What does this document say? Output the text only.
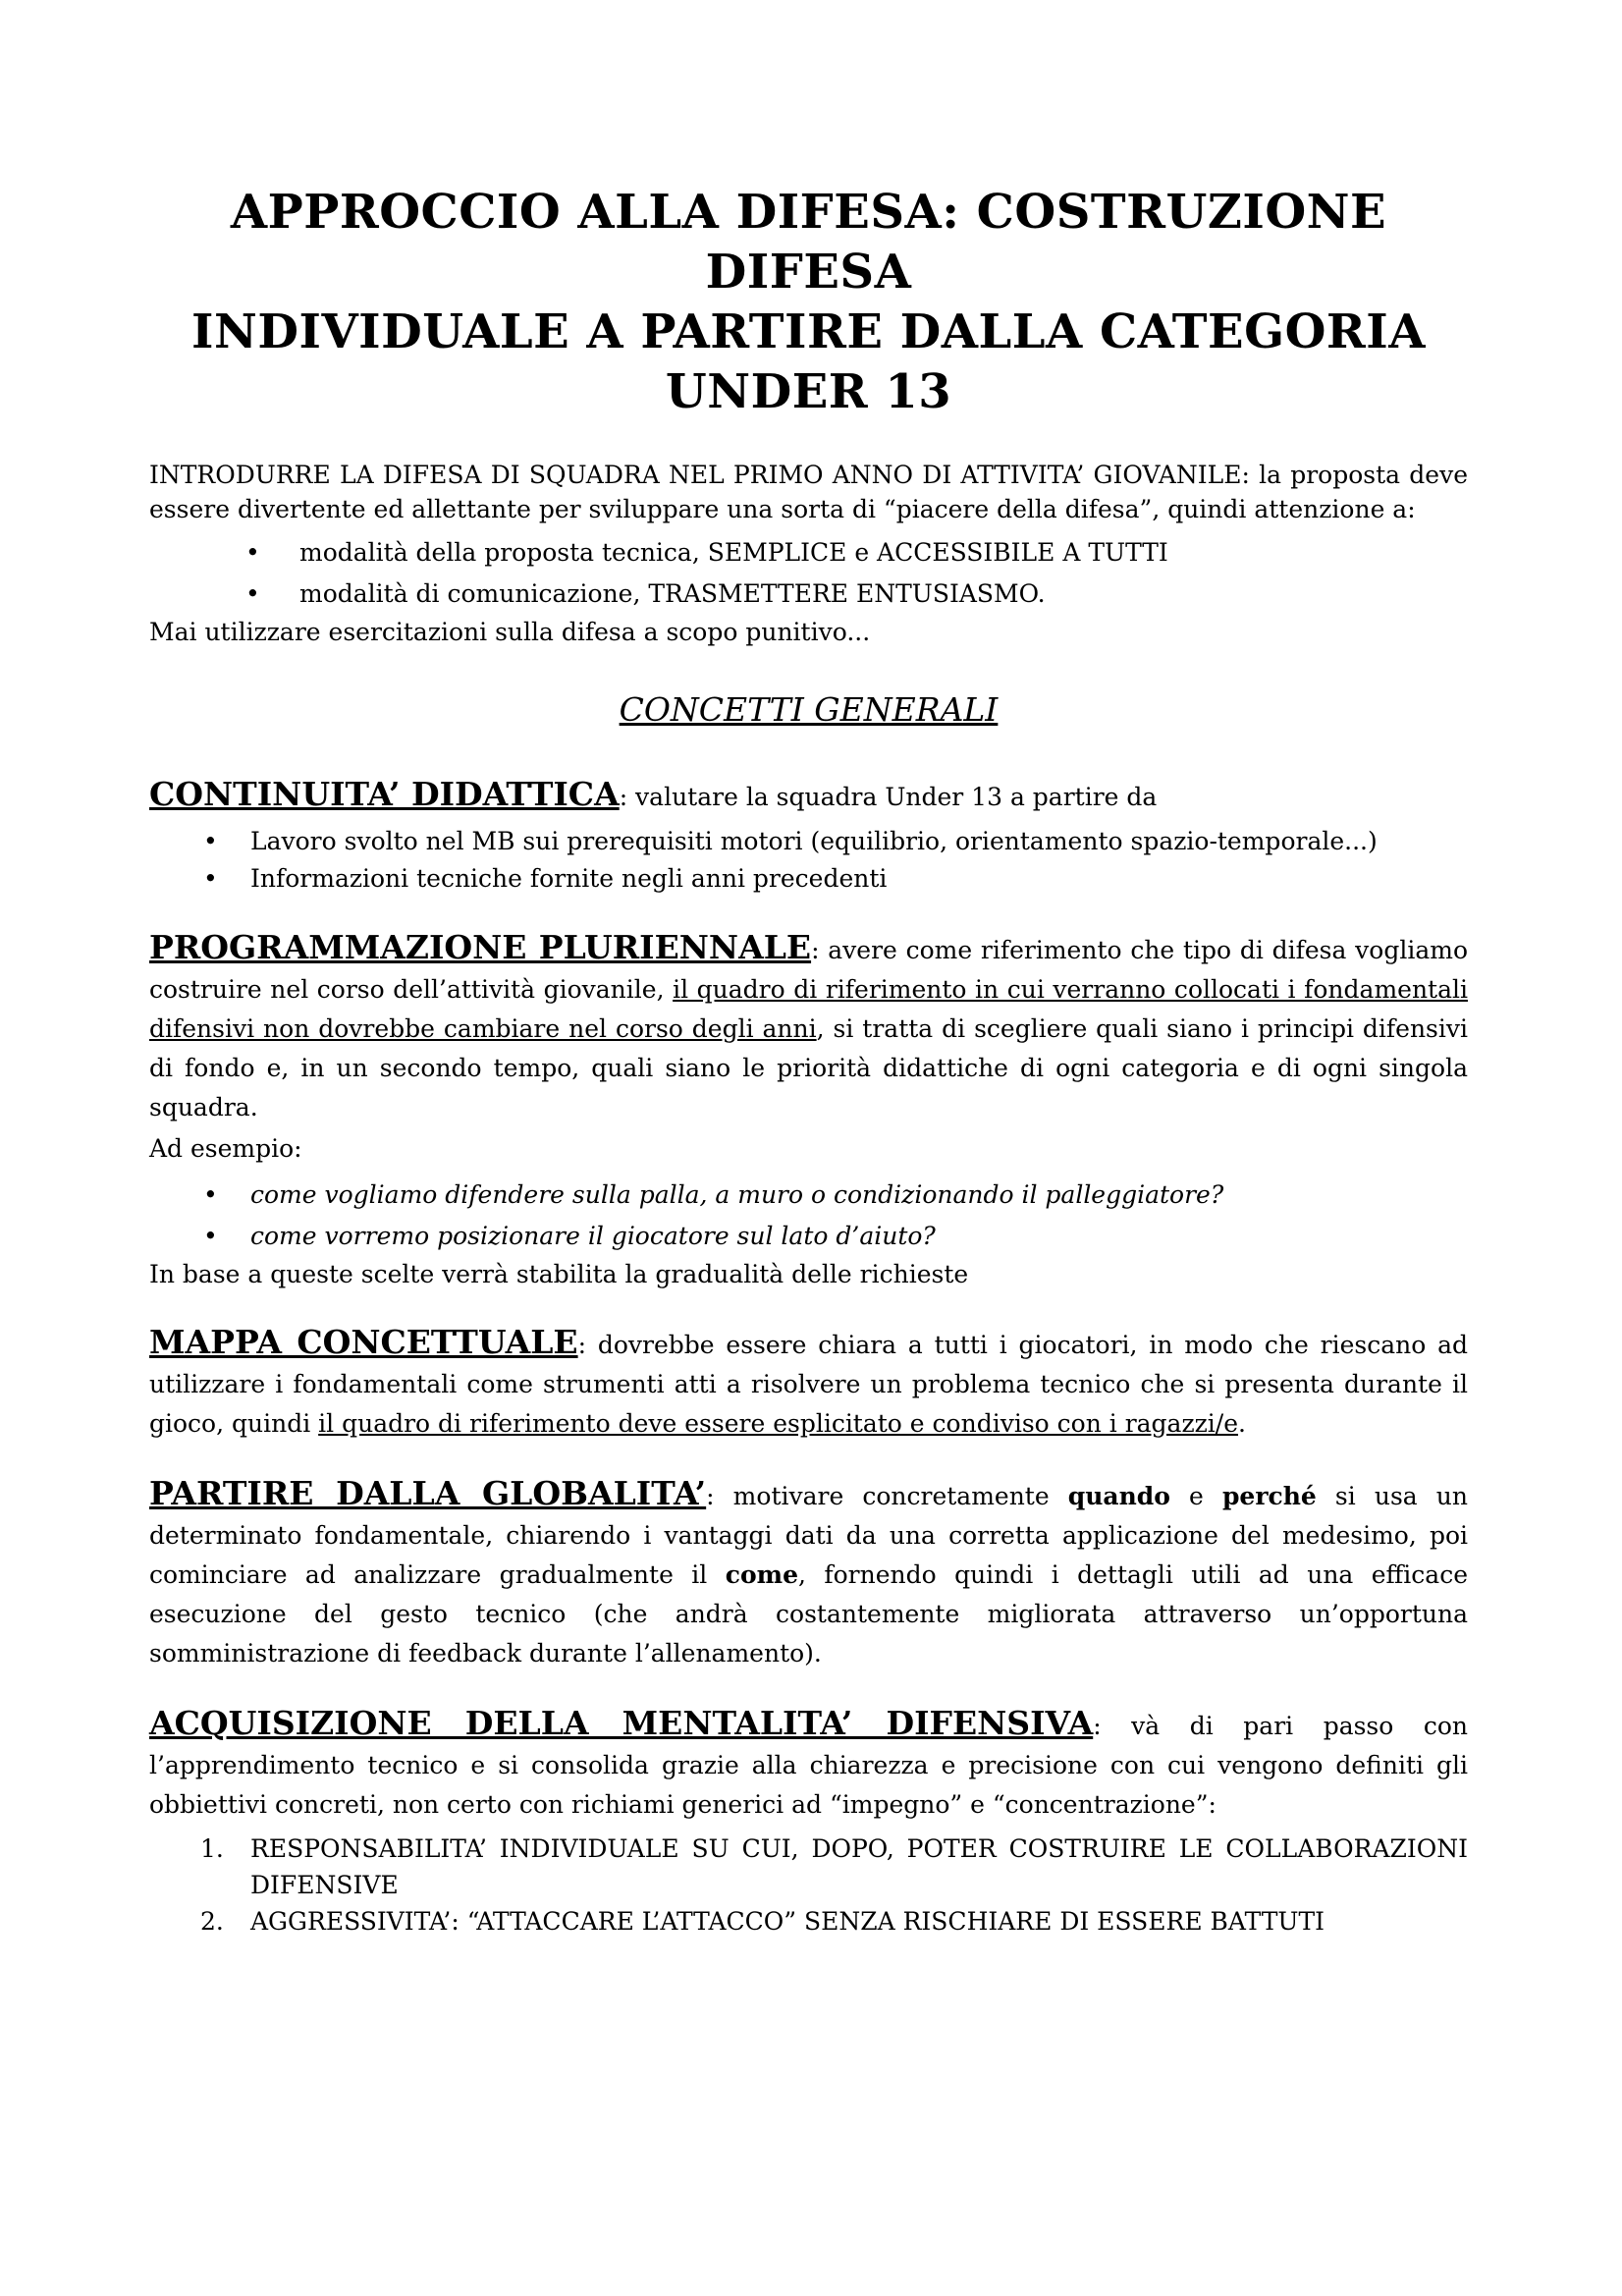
APPROCCIO ALLA DIFESA: COSTRUZIONE DIFESA
INDIVIDUALE A PARTIRE DALLA CATEGORIA
UNDER 13
INTRODURRE LA DIFESA DI SQUADRA NEL PRIMO ANNO DI ATTIVITA’ GIOVANILE: la proposta deve essere divertente ed allettante per sviluppare una sorta di “piacere della difesa”, quindi attenzione a:
•	modalità della proposta tecnica, SEMPLICE e ACCESSIBILE A TUTTI
•	modalità di comunicazione, TRASMETTERE ENTUSIASMO.
Mai utilizzare esercitazioni sulla difesa a scopo punitivo...
CONCETTI GENERALI
CONTINUITA’ DIDATTICA: valutare la squadra Under 13 a partire da
•	Lavoro svolto nel MB sui prerequisiti motori (equilibrio, orientamento spazio-temporale...)
•	Informazioni tecniche fornite negli anni precedenti
PROGRAMMAZIONE PLURIENNALE: avere come riferimento che tipo di difesa vogliamo costruire nel corso dell’attività giovanile, il quadro di riferimento in cui verranno collocati i fondamentali difensivi non dovrebbe cambiare nel corso degli anni, si tratta di scegliere quali siano i principi difensivi di fondo e, in un secondo tempo, quali siano le priorità didattiche di ogni categoria e di ogni singola squadra.
Ad esempio:
•	come vogliamo difendere sulla palla, a muro o condizionando il palleggiatore?
•	come vorremo posizionare il giocatore sul lato d’aiuto?
In base a queste scelte verrà stabilita la gradualità delle richieste
MAPPA CONCETTUALE: dovrebbe essere chiara a tutti i giocatori, in modo che riescano ad utilizzare i fondamentali come strumenti atti a risolvere un problema tecnico che si presenta durante il gioco, quindi il quadro di riferimento deve essere esplicitato e condiviso con i ragazzi/e.
PARTIRE DALLA GLOBALITA’: motivare concretamente quando e perché si usa un determinato fondamentale, chiarendo i vantaggi dati da una corretta applicazione del medesimo, poi cominciare ad analizzare gradualmente il come, fornendo quindi i dettagli utili ad una efficace esecuzione del gesto tecnico (che andrà costantemente migliorata attraverso un’opportuna somministrazione di feedback durante l’allenamento).
ACQUISIZIONE DELLA MENTALITA’ DIFENSIVA: và di pari passo con l’apprendimento tecnico e si consolida grazie alla chiarezza e precisione con cui vengono definiti gli obbiettivi concreti, non certo con richiami generici ad “impegno” e “concentrazione”:
1.	RESPONSABILITA’ INDIVIDUALE SU CUI, DOPO, POTER COSTRUIRE LE COLLABORAZIONI DIFENSIVE
2.	AGGRESSIVITA’: “ATTACCARE L’ATTACCO” SENZA RISCHIARE DI ESSERE BATTUTI
